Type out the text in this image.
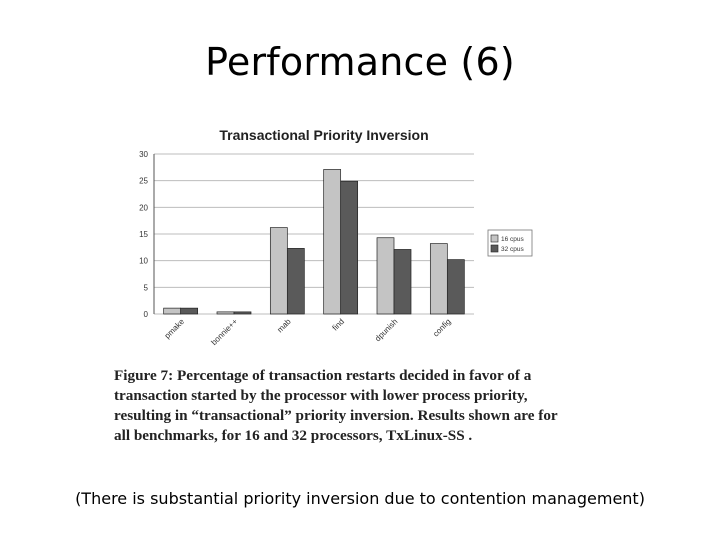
Performance (6)
Transactional Priority Inversion
0
5
10
15
20
25
30
pmake	bonnie++	mab	find	dpunish	config
16 cpus
32 cpus
Figure 7: Percentage of transaction restarts decided in favor of a transaction started by the processor with lower process priority, resulting in “transactional” priority inversion. Results shown are for all benchmarks, for 16 and 32 processors, TxLinux-SS .
(There is substantial priority inversion due to contention management)
